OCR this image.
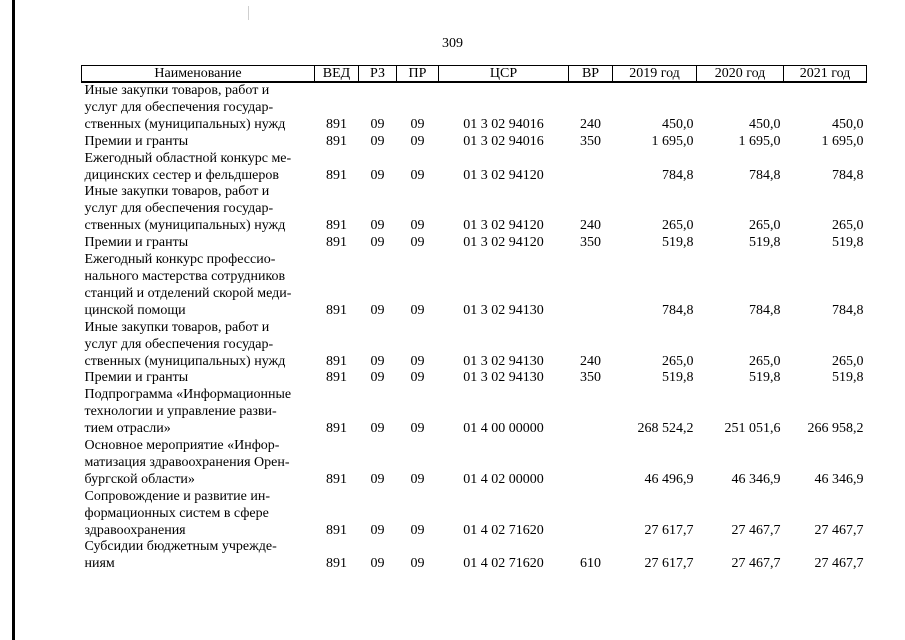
309
Наименование	ВЕД	РЗ	ПР	ЦСР	ВР	2019 год	2020 год	2021 год

Иные закупки товаров, работ и
услуг для обеспечения государ-
ственных (муниципальных) нужд	891	09	09	01 3 02 94016	240	450,0	450,0	450,0

Премии и гранты	891	09	09	01 3 02 94016	350	1 695,0	1 695,0	1 695,0

Ежегодный областной конкурс ме-
дицинских сестер и фельдшеров	891	09	09	01 3 02 94120		784,8	784,8	784,8

Иные закупки товаров, работ и
услуг для обеспечения государ-
ственных (муниципальных) нужд	891	09	09	01 3 02 94120	240	265,0	265,0	265,0

Премии и гранты	891	09	09	01 3 02 94120	350	519,8	519,8	519,8

Ежегодный конкурс профессио-
нального мастерства сотрудников
станций и отделений скорой меди-
цинской помощи	891	09	09	01 3 02 94130		784,8	784,8	784,8

Иные закупки товаров, работ и
услуг для обеспечения государ-
ственных (муниципальных) нужд	891	09	09	01 3 02 94130	240	265,0	265,0	265,0

Премии и гранты	891	09	09	01 3 02 94130	350	519,8	519,8	519,8

Подпрограмма «Информационные
технологии и управление разви-
тием отрасли»	891	09	09	01 4 00 00000		268 524,2	251 051,6	266 958,2

Основное мероприятие «Инфор-
матизация здравоохранения Орен-
бургской области»	891	09	09	01 4 02 00000		46 496,9	46 346,9	46 346,9

Сопровождение и развитие ин-
формационных систем в сфере
здравоохранения	891	09	09	01 4 02 71620		27 617,7	27 467,7	27 467,7

Субсидии бюджетным учрежде-
ниям	891	09	09	01 4 02 71620	610	27 617,7	27 467,7	27 467,7
